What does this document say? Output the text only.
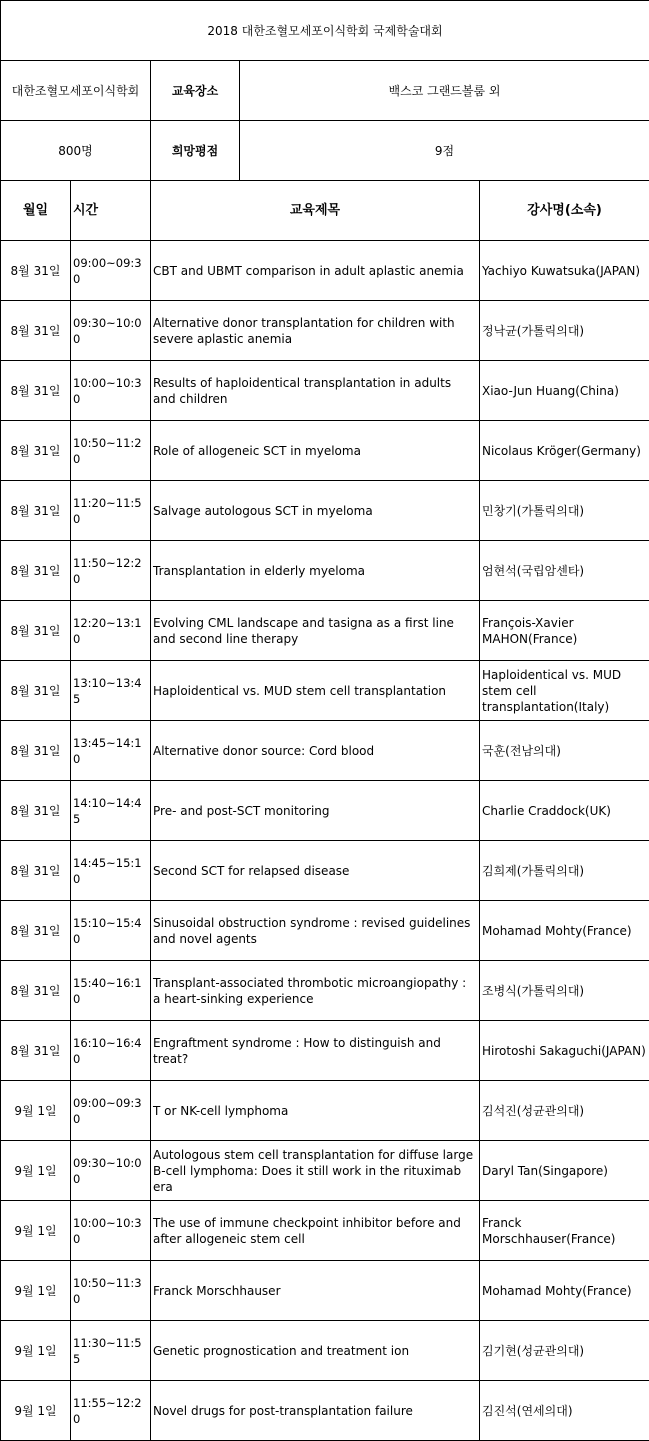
2018 대한조혈모세포이식학회 국제학술대회				
대한조혈모세포이식학회		교육장소	백스코 그랜드볼룸 외	
800명		희망평점	9점	
월일	시간	교육제목		강사명(소속)
8월 31일	09:00~09:30	CBT and UBMT comparison in adult aplastic anemia		Yachiyo Kuwatsuka(JAPAN)
8월 31일	09:30~10:00	Alternative donor transplantation for children with severe aplastic anemia		정낙균(가톨릭의대)
8월 31일	10:00~10:30	Results of haploidentical transplantation in adults and children		Xiao-Jun Huang(China)
8월 31일	10:50~11:20	Role of allogeneic SCT in myeloma		Nicolaus Kröger(Germany)
8월 31일	11:20~11:50	Salvage autologous SCT in myeloma		민창기(가톨릭의대)
8월 31일	11:50~12:20	Transplantation in elderly myeloma		엄현석(국립암센타)
8월 31일	12:20~13:10	Evolving CML landscape and tasigna as a first line and second line therapy		François-Xavier MAHON(France)
8월 31일	13:10~13:45	Haploidentical vs. MUD stem cell transplantation		Haploidentical vs. MUD stem cell transplantation(Italy)
8월 31일	13:45~14:10	Alternative donor source: Cord blood		국훈(전남의대)
8월 31일	14:10~14:45	Pre- and post-SCT monitoring		Charlie Craddock(UK)
8월 31일	14:45~15:10	Second SCT for relapsed disease		김희제(가톨릭의대)
8월 31일	15:10~15:40	Sinusoidal obstruction syndrome : revised guidelines and novel agents		Mohamad Mohty(France)
8월 31일	15:40~16:10	Transplant-associated thrombotic microangiopathy : a heart-sinking experience		조병식(가톨릭의대)
8월 31일	16:10~16:40	Engraftment syndrome : How to distinguish and treat?		Hirotoshi Sakaguchi(JAPAN)
9월 1일	09:00~09:30	T or NK-cell lymphoma		김석진(성균관의대)
9월 1일	09:30~10:00	Autologous stem cell transplantation for diffuse large B-cell lymphoma: Does it still work in the rituximab era		Daryl Tan(Singapore)
9월 1일	10:00~10:30	The use of immune checkpoint inhibitor before and after allogeneic stem cell		Franck Morschhauser(France)
9월 1일	10:50~11:30	Franck Morschhauser		Mohamad Mohty(France)
9월 1일	11:30~11:55	Genetic prognostication and treatment ion		김기현(성균관의대)
9월 1일	11:55~12:20	Novel drugs for post-transplantation failure		김진석(연세의대)
